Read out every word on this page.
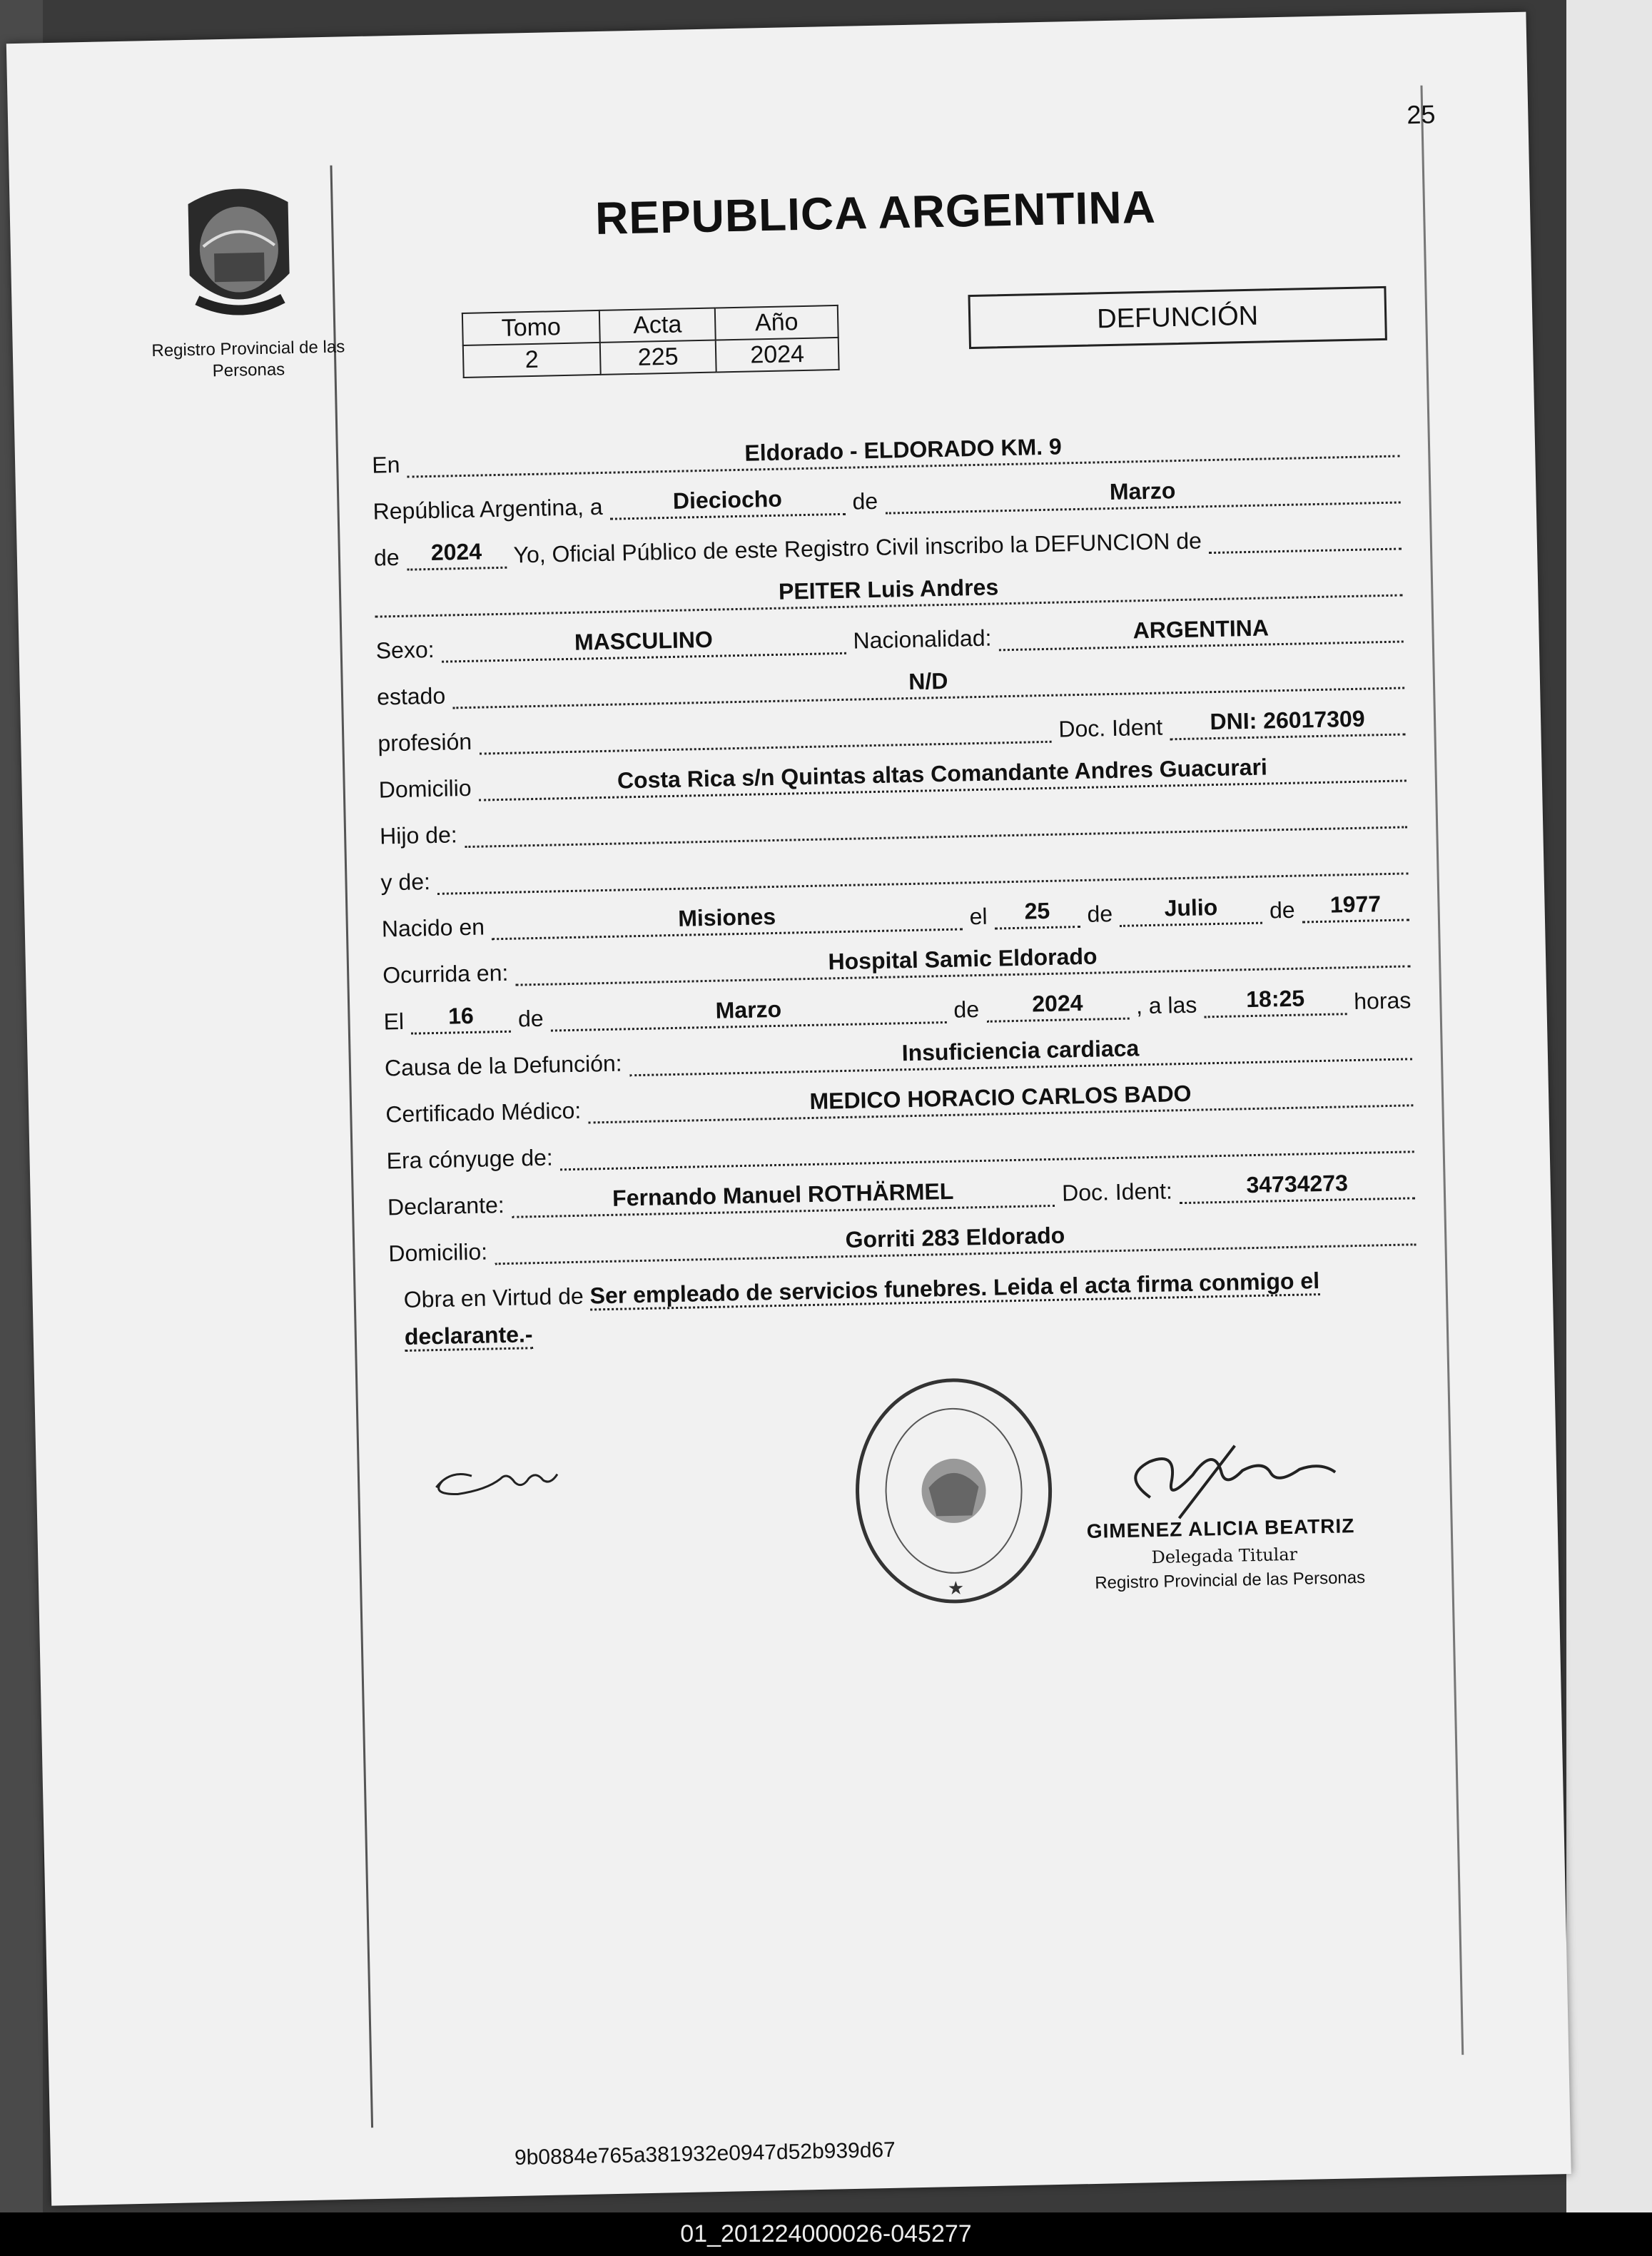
25
Registro Provincial de las Personas
REPUBLICA ARGENTINA
Tomo	Acta	Año
2	225	2024
DEFUNCIÓN
En	Eldorado - ELDORADO KM. 9
República Argentina, a	Dieciocho	de	Marzo
de	2024	Yo, Oficial Público de este Registro Civil inscribo la DEFUNCION de
PEITER Luis Andres
Sexo:	MASCULINO	Nacionalidad:	ARGENTINA
estado
N/D
profesión
Doc. Ident	DNI: 26017309
Domicilio	Costa Rica s/n Quintas altas Comandante Andres Guacurari
Hijo de:
y de:
Nacido en	Misiones	el	25	de	Julio	de	1977
Ocurrida en:	Hospital Samic Eldorado
El	16	de	Marzo	de	2024	, a las	18:25	horas
Causa de la Defunción:	Insuficiencia cardiaca
Certificado Médico:	MEDICO HORACIO CARLOS BADO
Era cónyuge de:
Declarante:	Fernando Manuel ROTHÄRMEL	Doc. Ident:	34734273
Domicilio:	Gorriti 283 Eldorado
Obra en Virtud de Ser empleado de servicios funebres. Leida el acta firma conmigo el declarante.-
★
GIMENEZ ALICIA BEATRIZ
Delegada Titular
Registro Provincial de las Personas
9b0884e765a381932e0947d52b939d67
01_201224000026-045277
